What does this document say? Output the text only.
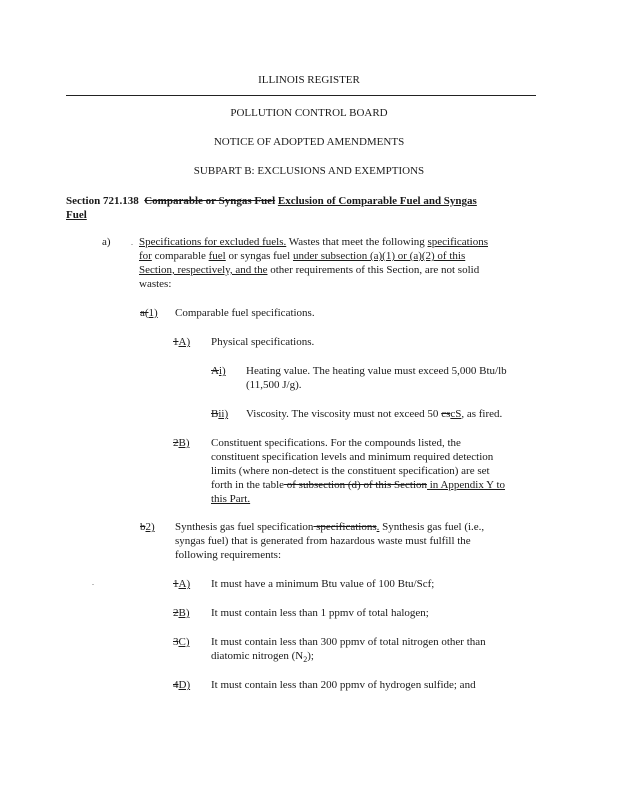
ILLINOIS REGISTER
POLLUTION CONTROL BOARD
NOTICE OF ADOPTED AMENDMENTS
SUBPART B: EXCLUSIONS AND EXEMPTIONS
Section 721.138 Comparable or Syngas Fuel Exclusion of Comparable Fuel and Syngas
Fuel
a)	. Specifications for excluded fuels. Wastes that meet the following specifications
for comparable fuel or syngas fuel under subsection (a)(1) or (a)(2) of this
Section, respectively, and the other requirements of this Section, are not solid
wastes:
a(1) Comparable fuel specifications.
1A) Physical specifications.
Ai) Heating value. The heating value must exceed 5,000 Btu/lb
(11,500 J/g).
Bii) Viscosity. The viscosity must not exceed 50 cscS, as fired.
2B) Constituent specifications. For the compounds listed, the
constituent specification levels and minimum required detection
limits (where non-detect is the constituent specification) are set
forth in the table of subsection (d) of this Section in Appendix Y to
this Part.
b2) Synthesis gas fuel specification specifications. Synthesis gas fuel (i.e.,
syngas fuel) that is generated from hazardous waste must fulfill the
following requirements:
.	1A) It must have a minimum Btu value of 100 Btu/Scf;
2B) It must contain less than 1 ppmv of total halogen;
3C) It must contain less than 300 ppmv of total nitrogen other than
diatomic nitrogen $(N_2)$;
4D) It must contain less than 200 ppmv of hydrogen sulfide; and
